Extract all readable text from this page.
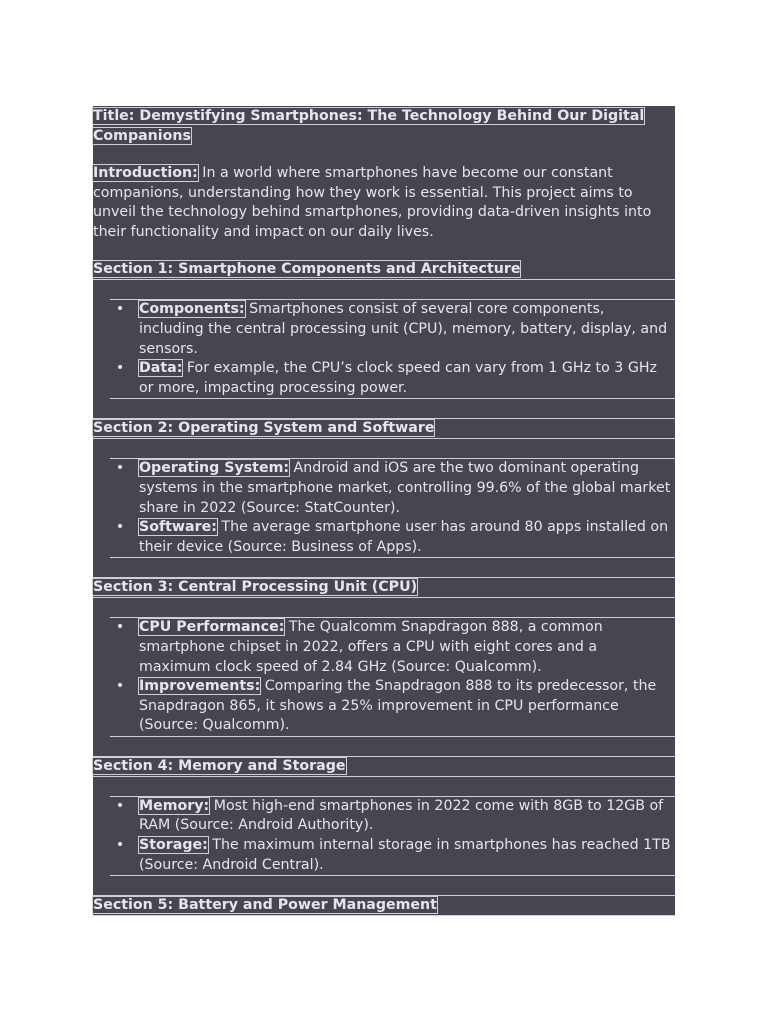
Title: Demystifying Smartphones: The Technology Behind Our Digital Companions

Introduction: In a world where smartphones have become our constant companions, understanding how they work is essential. This project aims to unveil the technology behind smartphones, providing data-driven insights into their functionality and impact on our daily lives.

Section 1: Smartphone Components and Architecture
• Components: Smartphones consist of several core components, including the central processing unit (CPU), memory, battery, display, and sensors.
• Data: For example, the CPU’s clock speed can vary from 1 GHz to 3 GHz or more, impacting processing power.
Section 2: Operating System and Software
• Operating System: Android and iOS are the two dominant operating systems in the smartphone market, controlling 99.6% of the global market share in 2022 (Source: StatCounter).
• Software: The average smartphone user has around 80 apps installed on their device (Source: Business of Apps).
Section 3: Central Processing Unit (CPU)
• CPU Performance: The Qualcomm Snapdragon 888, a common smartphone chipset in 2022, offers a CPU with eight cores and a maximum clock speed of 2.84 GHz (Source: Qualcomm).
• Improvements: Comparing the Snapdragon 888 to its predecessor, the Snapdragon 865, it shows a 25% improvement in CPU performance (Source: Qualcomm).
Section 4: Memory and Storage
• Memory: Most high-end smartphones in 2022 come with 8GB to 12GB of RAM (Source: Android Authority).
• Storage: The maximum internal storage in smartphones has reached 1TB (Source: Android Central).
Section 5: Battery and Power Management
